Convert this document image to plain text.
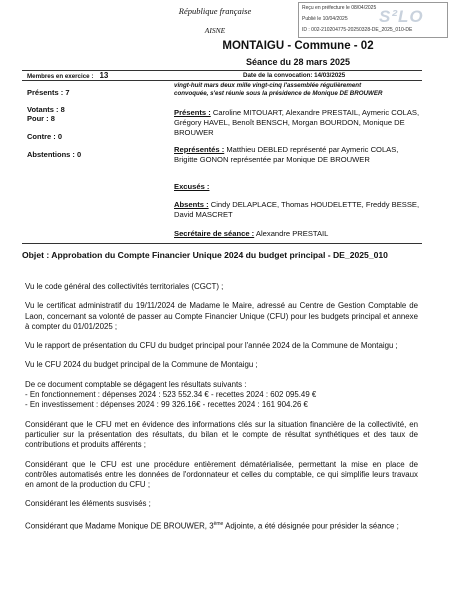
République française
AISNE
Reçu en préfecture le 08/04/2025
Publié le 10/04/2025
ID : 002-210204775-20250328-DE_2025_010-DE
S²LO
MONTAIGU - Commune - 02
Séance du 28 mars 2025
Membres en exercice : 13	Date de la convocation: 14/03/2025
vingt-huit mars deux mille vingt-cinq l'assemblée régulièrement
convoquée, s'est réunie sous la présidence de Monique DE BROUWER
Présents : 7
Votants : 8
Pour : 8
Contre : 0
Abstentions : 0
Présents : Caroline MITOUART, Alexandre PRESTAIL, Aymeric COLAS, Grégory HAVEL, Benoît BENSCH, Morgan BOURDON, Monique DE BROUWER
Représentés : Matthieu DEBLED représenté par Aymeric COLAS, Brigitte GONON représentée par Monique DE BROUWER
Excusés :
Absents : Cindy DELAPLACE, Thomas HOUDELETTE, Freddy BESSE, David MASCRET
Secrétaire de séance : Alexandre PRESTAIL
Objet : Approbation du Compte Financier Unique 2024 du budget principal - DE_2025_010

Vu le code général des collectivités territoriales (CGCT) ;

Vu le certificat administratif du 19/11/2024 de Madame le Maire, adressé au Centre de Gestion Comptable de Laon, concernant sa volonté de passer au Compte Financier Unique (CFU) pour les budgets principal et annexe à compter du 01/01/2025 ;

Vu le rapport de présentation du CFU du budget principal pour l'année 2024 de la Commune de Montaigu ;

Vu le CFU 2024 du budget principal de la Commune de Montaigu ;

De ce document comptable se dégagent les résultats suivants :
- En fonctionnement : dépenses 2024 : 523 552.34 € - recettes 2024 : 602 095.49 €
- En investissement : dépenses 2024 : 99 326.16€ - recettes 2024 : 161 904.26 €

Considérant que le CFU met en évidence des informations clés sur la situation financière de la collectivité, en particulier sur la présentation des résultats, du bilan et le compte de résultat synthétiques et des taux de contributions et produits afférents ;

Considérant que le CFU est une procédure entièrement dématérialisée, permettant la mise en place de contrôles automatisés entre les données de l'ordonnateur et celles du comptable, ce qui simplifie leurs travaux en amont de la production du CFU ;

Considérant les éléments susvisés ;

Considérant que Madame Monique DE BROUWER, 3ème Adjointe, a été désignée pour présider la séance ;
